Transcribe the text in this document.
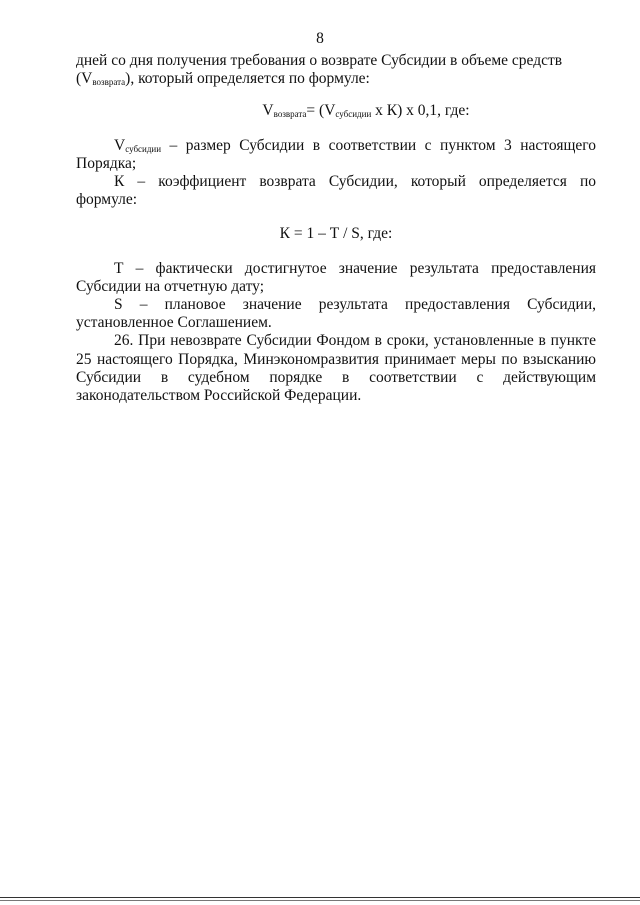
8

дней со дня получения требования о возврате Субсидии в объеме средств
$(V_{возврата})$, который определяется по формуле:

$V_{возврата}= (V_{субсидии}$ х К) х 0,1, где:

$V_{субсидии}$ – размер Субсидии в соответствии с пунктом 3 настоящего Порядка;

К – коэффициент возврата Субсидии, который определяется по формуле:

К = 1 – Т / S, где:

Т – фактически достигнутое значение результата предоставления Субсидии на отчетную дату;

S – плановое значение результата предоставления Субсидии, установленное Соглашением.

26. При невозврате Субсидии Фондом в сроки, установленные в пункте 25 настоящего Порядка, Минэкономразвития принимает меры по взысканию Субсидии в судебном порядке в соответствии с действующим законодательством Российской Федерации.
